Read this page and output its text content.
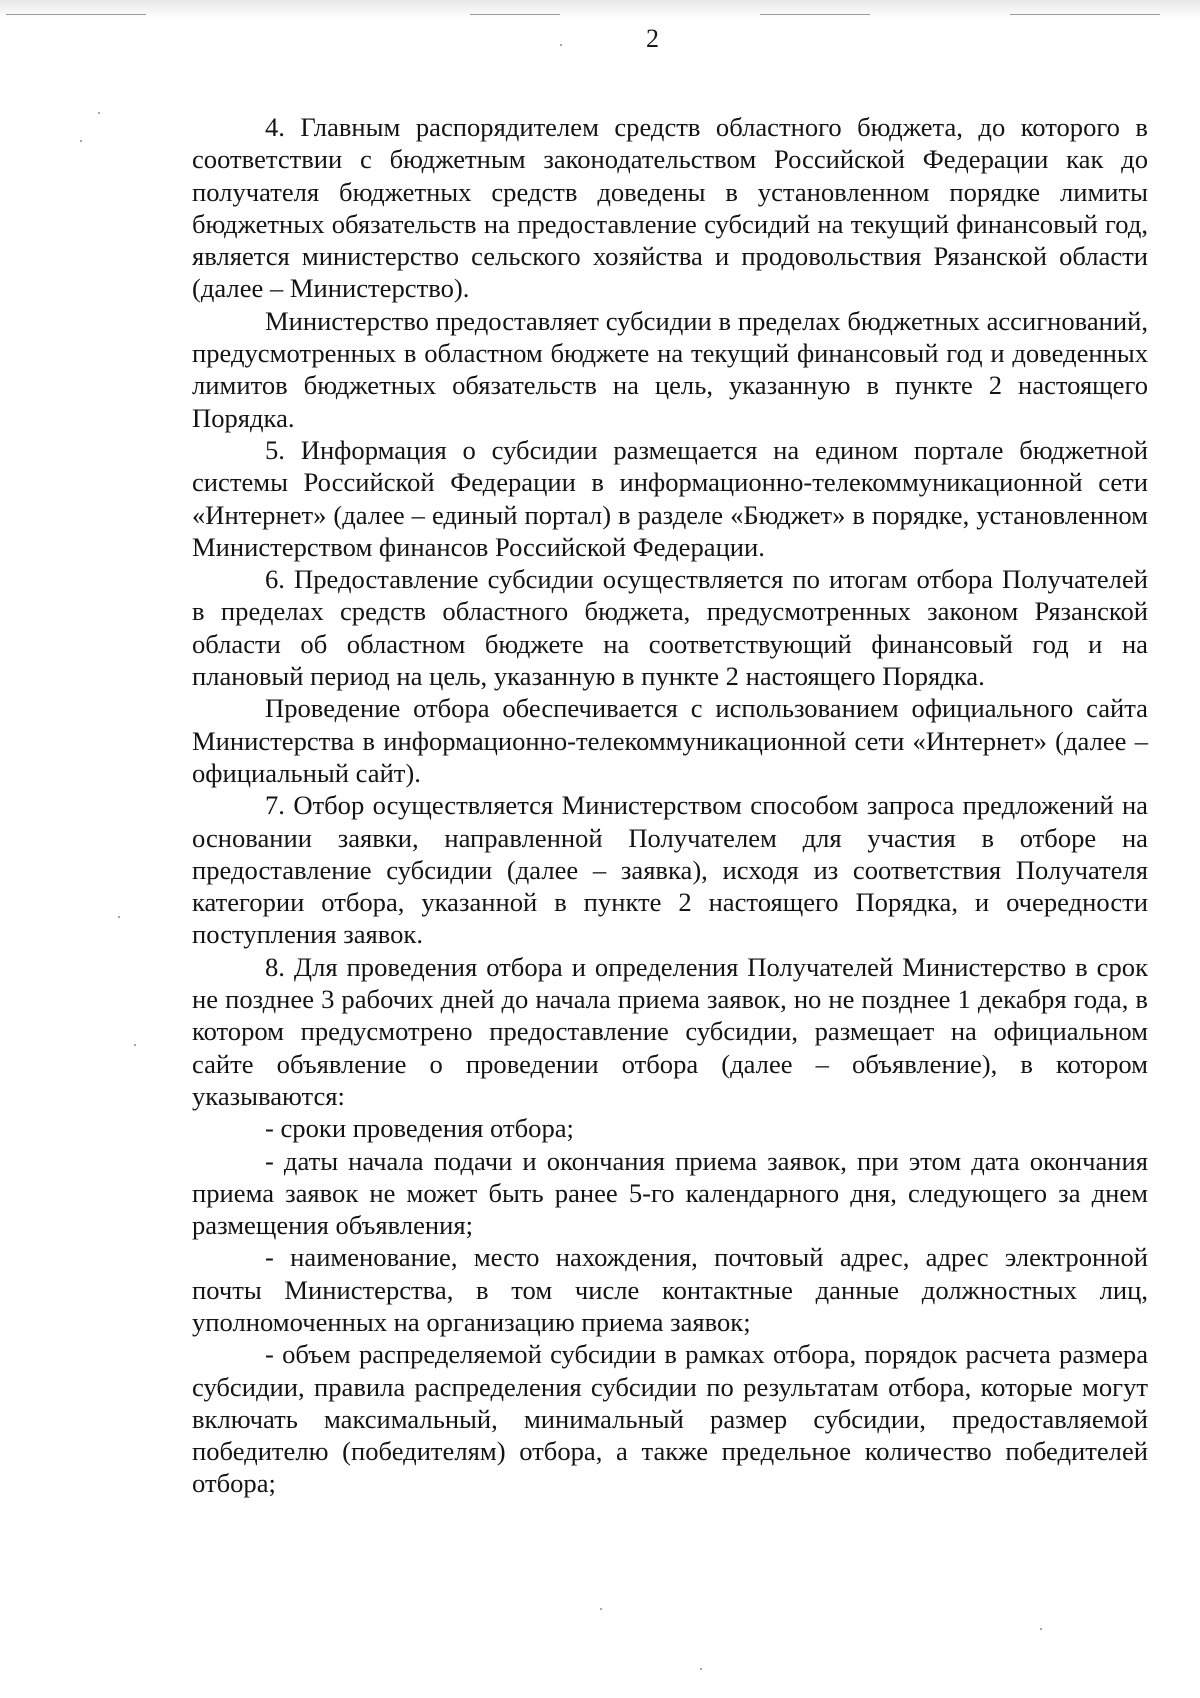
2

4. Главным распорядителем средств областного бюджета, до которого в соответствии с бюджетным законодательством Российской Федерации как до получателя бюджетных средств доведены в установленном порядке лимиты бюджетных обязательств на предоставление субсидий на текущий финансовый год, является министерство сельского хозяйства и продовольствия Рязанской области (далее – Министерство).

Министерство предоставляет субсидии в пределах бюджетных ассигнований, предусмотренных в областном бюджете на текущий финансовый год и доведенных лимитов бюджетных обязательств на цель, указанную в пункте 2 настоящего Порядка.

5. Информация о субсидии размещается на едином портале бюджетной системы Российской Федерации в информационно-телекоммуникационной сети «Интернет» (далее – единый портал) в разделе «Бюджет» в порядке, установленном Министерством финансов Российской Федерации.

6. Предоставление субсидии осуществляется по итогам отбора Получателей в пределах средств областного бюджета, предусмотренных законом Рязанской области об областном бюджете на соответствующий финансовый год и на плановый период на цель, указанную в пункте 2 настоящего Порядка.

Проведение отбора обеспечивается с использованием официального сайта Министерства в информационно-телекоммуникационной сети «Интернет» (далее – официальный сайт).

7. Отбор осуществляется Министерством способом запроса предложений на основании заявки, направленной Получателем для участия в отборе на предоставление субсидии (далее – заявка), исходя из соответствия Получателя категории отбора, указанной в пункте 2 настоящего Порядка, и очередности поступления заявок.

8. Для проведения отбора и определения Получателей Министерство в срок не позднее 3 рабочих дней до начала приема заявок, но не позднее 1 декабря года, в котором предусмотрено предоставление субсидии, размещает на официальном сайте объявление о проведении отбора (далее – объявление), в котором указываются:

- сроки проведения отбора;

- даты начала подачи и окончания приема заявок, при этом дата окончания приема заявок не может быть ранее 5-го календарного дня, следующего за днем размещения объявления;

- наименование, место нахождения, почтовый адрес, адрес электронной почты Министерства, в том числе контактные данные должностных лиц, уполномоченных на организацию приема заявок;

- объем распределяемой субсидии в рамках отбора, порядок расчета размера субсидии, правила распределения субсидии по результатам отбора, которые могут включать максимальный, минимальный размер субсидии, предоставляемой победителю (победителям) отбора, а также предельное количество победителей отбора;
